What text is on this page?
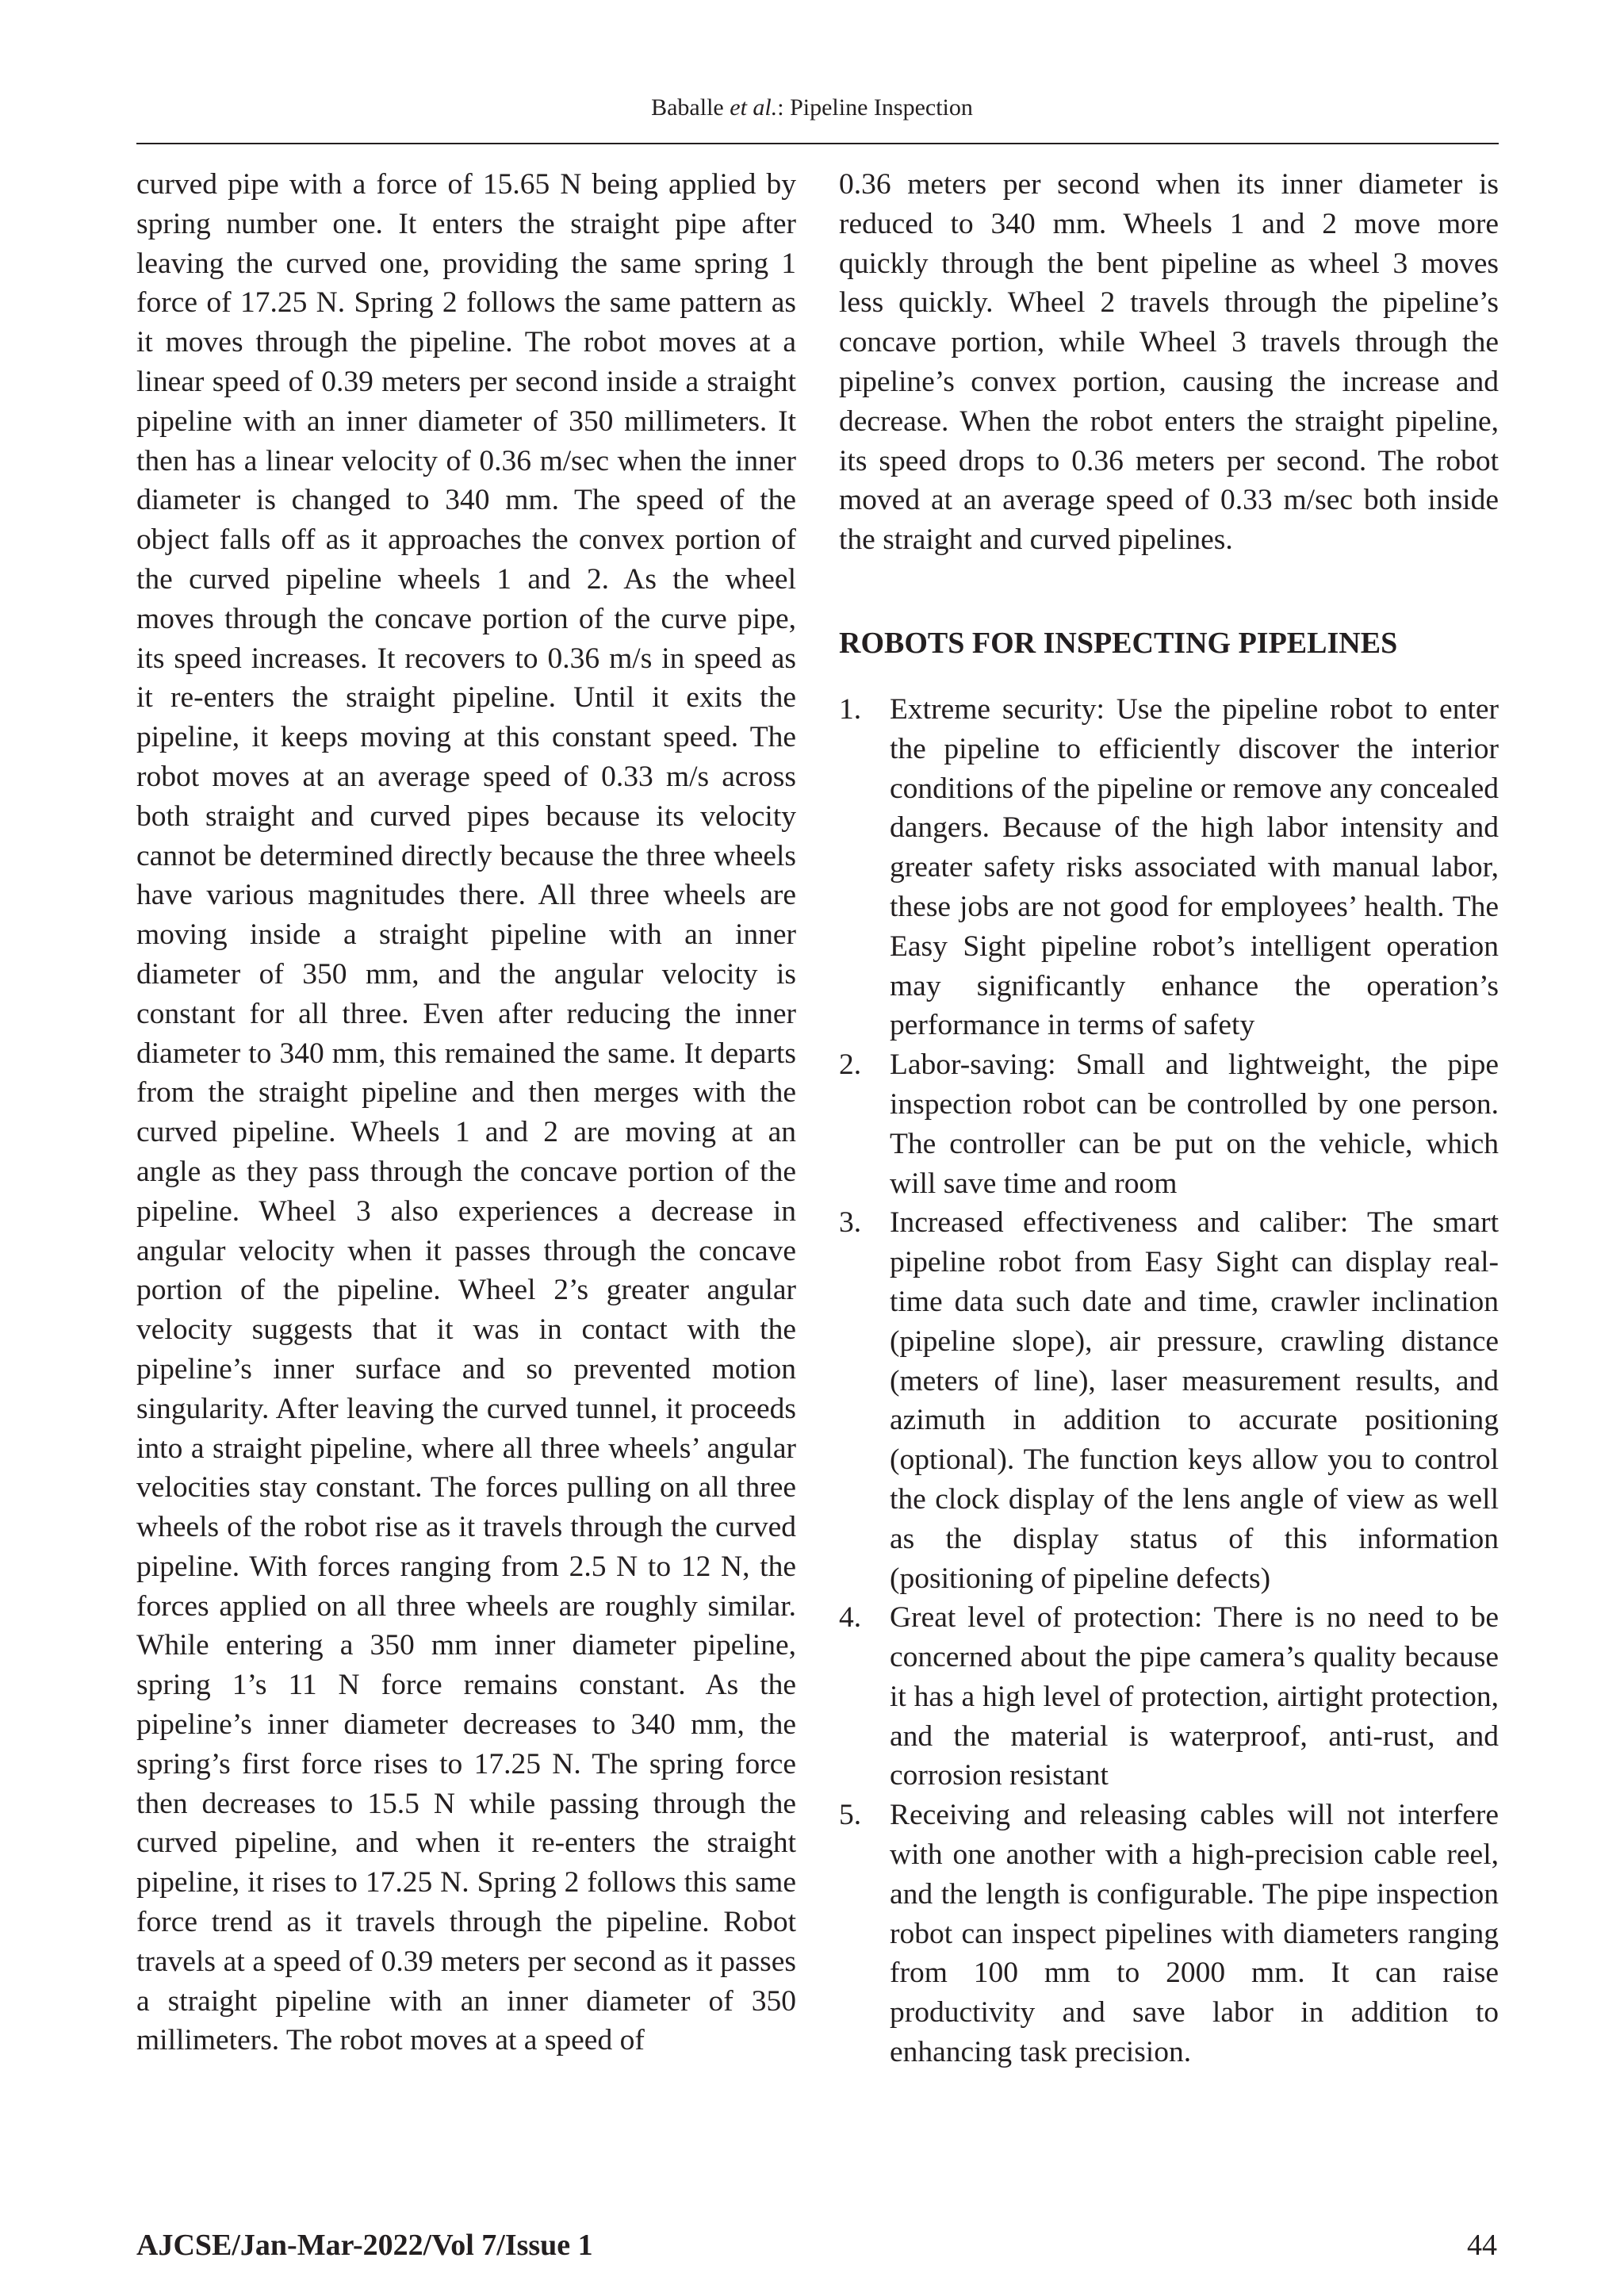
Baballe et al.: Pipeline Inspection

curved pipe with a force of 15.65 N being applied by spring number one. It enters the straight pipe after leaving the curved one, providing the same spring 1 force of 17.25 N. Spring 2 follows the same pattern as it moves through the pipeline. The robot moves at a linear speed of 0.39 meters per second inside a straight pipeline with an inner diameter of 350 millimeters. It then has a linear velocity of 0.36 m/sec when the inner diameter is changed to 340 mm. The speed of the object falls off as it approaches the convex portion of the curved pipeline wheels 1 and 2. As the wheel moves through the concave portion of the curve pipe, its speed increases. It recovers to 0.36 m/s in speed as it re-enters the straight pipeline. Until it exits the pipeline, it keeps moving at this constant speed. The robot moves at an average speed of 0.33 m/s across both straight and curved pipes because its velocity cannot be determined directly because the three wheels have various magnitudes there. All three wheels are moving inside a straight pipeline with an inner diameter of 350 mm, and the angular velocity is constant for all three. Even after reducing the inner diameter to 340 mm, this remained the same. It departs from the straight pipeline and then merges with the curved pipeline. Wheels 1 and 2 are moving at an angle as they pass through the concave portion of the pipeline. Wheel 3 also experiences a decrease in angular velocity when it passes through the concave portion of the pipeline. Wheel 2’s greater angular velocity suggests that it was in contact with the pipeline’s inner surface and so prevented motion singularity. After leaving the curved tunnel, it proceeds into a straight pipeline, where all three wheels’ angular velocities stay constant. The forces pulling on all three wheels of the robot rise as it travels through the curved pipeline. With forces ranging from 2.5 N to 12 N, the forces applied on all three wheels are roughly similar. While entering a 350 mm inner diameter pipeline, spring 1’s 11 N force remains constant. As the pipeline’s inner diameter decreases to 340 mm, the spring’s first force rises to 17.25 N. The spring force then decreases to 15.5 N while passing through the curved pipeline, and when it re-enters the straight pipeline, it rises to 17.25 N. Spring 2 follows this same force trend as it travels through the pipeline. Robot travels at a speed of 0.39 meters per second as it passes a straight pipeline with an inner diameter of 350 millimeters. The robot moves at a speed of

0.36 meters per second when its inner diameter is reduced to 340 mm. Wheels 1 and 2 move more quickly through the bent pipeline as wheel 3 moves less quickly. Wheel 2 travels through the pipeline’s concave portion, while Wheel 3 travels through the pipeline’s convex portion, causing the increase and decrease. When the robot enters the straight pipeline, its speed drops to 0.36 meters per second. The robot moved at an average speed of 0.33 m/sec both inside the straight and curved pipelines.

ROBOTS FOR INSPECTING PIPELINES
1. Extreme security: Use the pipeline robot to enter the pipeline to efficiently discover the interior conditions of the pipeline or remove any concealed dangers. Because of the high labor intensity and greater safety risks associated with manual labor, these jobs are not good for employees’ health. The Easy Sight pipeline robot’s intelligent operation may significantly enhance the operation’s performance in terms of safety
2. Labor-saving: Small and lightweight, the pipe inspection robot can be controlled by one person. The controller can be put on the vehicle, which will save time and room
3. Increased effectiveness and caliber: The smart pipeline robot from Easy Sight can display real-time data such date and time, crawler inclination (pipeline slope), air pressure, crawling distance (meters of line), laser measurement results, and azimuth in addition to accurate positioning (optional). The function keys allow you to control the clock display of the lens angle of view as well as the display status of this information (positioning of pipeline defects)
4. Great level of protection: There is no need to be concerned about the pipe camera’s quality because it has a high level of protection, airtight protection, and the material is waterproof, anti-rust, and corrosion resistant
5. Receiving and releasing cables will not interfere with one another with a high-precision cable reel, and the length is configurable. The pipe inspection robot can inspect pipelines with diameters ranging from 100 mm to 2000 mm. It can raise productivity and save labor in addition to enhancing task precision.
AJCSE/Jan-Mar-2022/Vol 7/Issue 1	44
